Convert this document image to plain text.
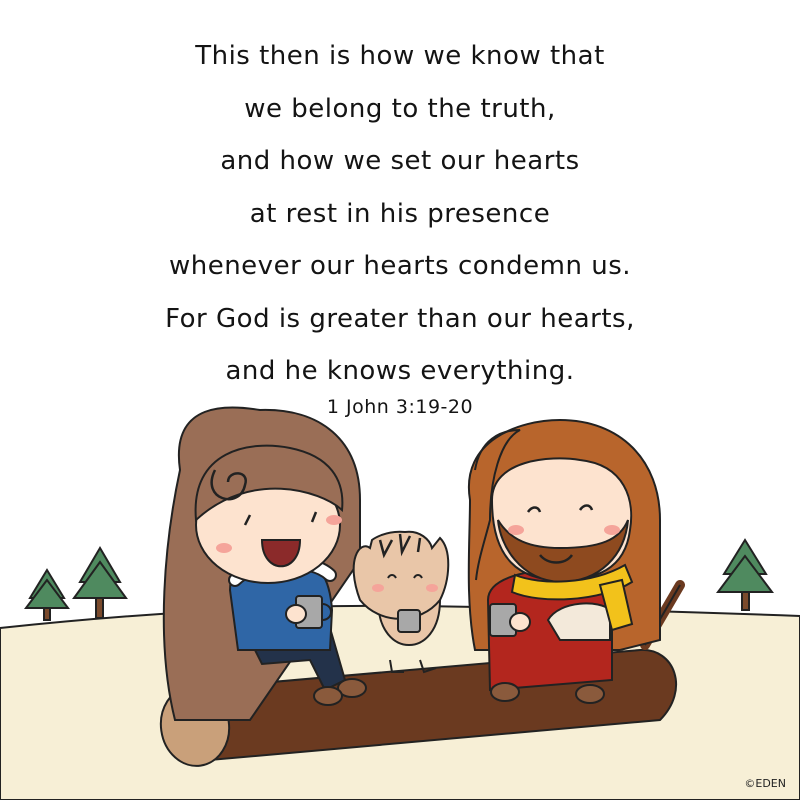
This then is how we know that
we belong to the truth,
and how we set our hearts
at rest in his presence
whenever our hearts condemn us.
For God is greater than our hearts,
and he knows everything.
1 John 3:19-20
©EDEN
